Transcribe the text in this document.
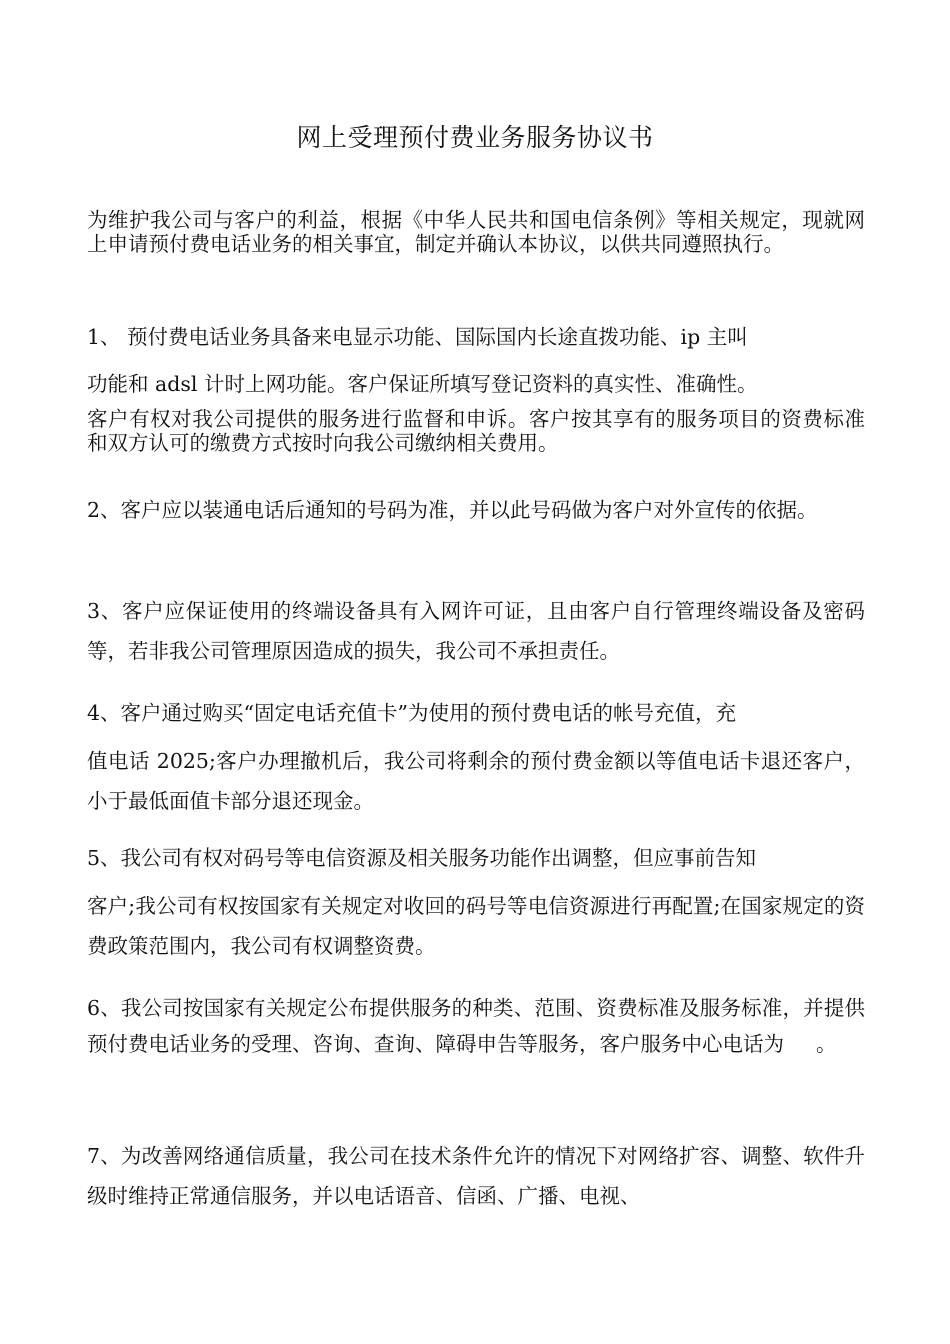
网上受理预付费业务服务协议书

为维护我公司与客户的利益，根据《中华人民共和国电信条例》等相关规定，现就网上申请预付费电话业务的相关事宜，制定并确认本协议，以供共同遵照执行。

1、 预付费电话业务具备来电显示功能、国际国内长途直拨功能、ip 主叫
功能和 adsl 计时上网功能。客户保证所填写登记资料的真实性、准确性。
客户有权对我公司提供的服务进行监督和申诉。客户按其享有的服务项目的资费标准和双方认可的缴费方式按时向我公司缴纳相关费用。

2、客户应以装通电话后通知的号码为准，并以此号码做为客户对外宣传的依据。

3、客户应保证使用的终端设备具有入网许可证，且由客户自行管理终端设备及密码等，若非我公司管理原因造成的损失，我公司不承担责任。

4、客户通过购买“固定电话充值卡”为使用的预付费电话的帐号充值，充
值电话 2025;客户办理撤机后，我公司将剩余的预付费金额以等值电话卡退还客户，小于最低面值卡部分退还现金。
5、我公司有权对码号等电信资源及相关服务功能作出调整，但应事前告知
客户;我公司有权按国家有关规定对收回的码号等电信资源进行再配置;在国家规定的资费政策范围内，我公司有权调整资费。

6、我公司按国家有关规定公布提供服务的种类、范围、资费标准及服务标准，并提供预付费电话业务的受理、咨询、查询、障碍申告等服务，客户服务中心电话为 。

7、为改善网络通信质量，我公司在技术条件允许的情况下对网络扩容、调整、软件升级时维持正常通信服务，并以电话语音、信函、广播、电视、
